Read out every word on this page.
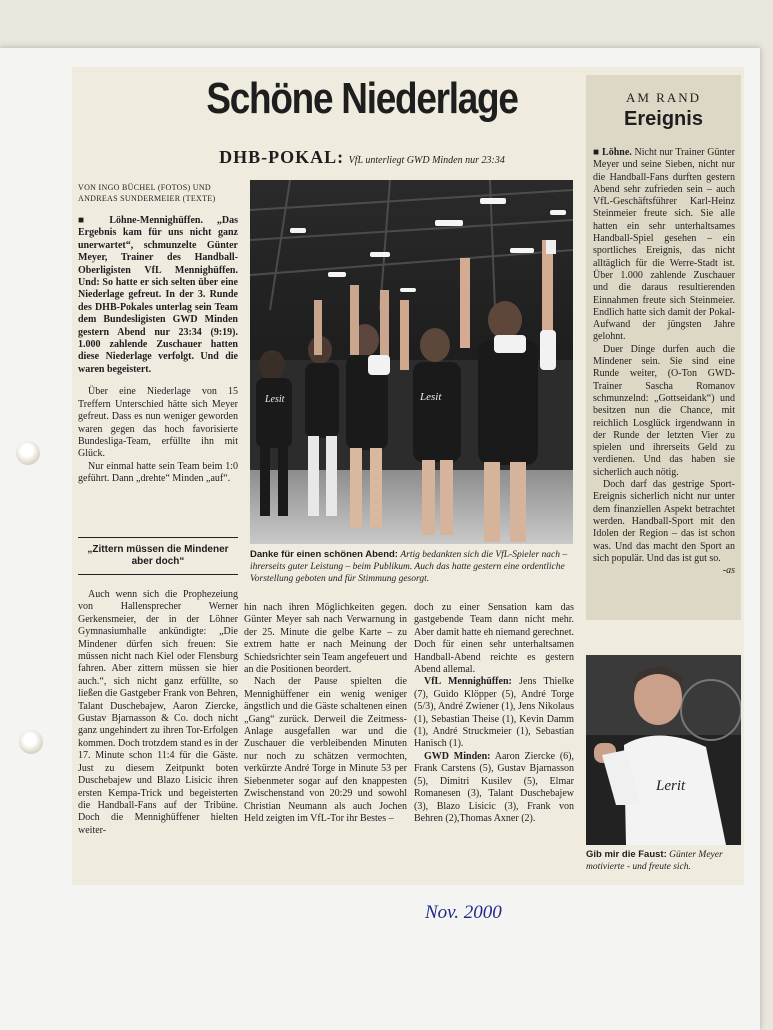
Schöne Niederlage
DHB-POKAL: VfL unterliegt GWD Minden nur 23:34
VON INGO BÜCHEL (FOTOS) UND
ANDREAS SUNDERMEIER (TEXTE)

■ Löhne-Mennighüffen. „Das Ergebnis kam für uns nicht ganz unerwartet“, schmunzelte Günter Meyer, Trainer des Handball-Oberligisten VfL Mennighüffen. Und: So hatte er sich selten über eine Niederlage gefreut. In der 3. Runde des DHB-Pokales unterlag sein Team dem Bundesligisten GWD Minden gestern Abend nur 23:34 (9:19). 1.000 zahlende Zuschauer hatten diese Niederlage verfolgt. Und die waren begeistert.

Über eine Niederlage von 15 Treffern Unterschied hätte sich Meyer gefreut. Dass es nun weniger geworden waren gegen das hoch favorisierte Bundesliga-Team, erfüllte ihn mit Glück.

Nur einmal hatte sein Team beim 1:0 geführt. Dann „drehte“ Minden „auf“.

„Zittern müssen die Mindener aber doch“
Lesit	Lesit
Danke für einen schönen Abend: Artig bedankten sich die VfL-Spieler nach – ihrerseits guter Leistung – beim Publikum. Auch das hatte gestern eine ordentliche Vorstellung geboten und für Stimmung gesorgt.

Auch wenn sich die Prophezeiung von Hallensprecher Werner Gerkensmeier, der in der Löhner Gymnasiumhalle ankündigte: „Die Mindener dürfen sich freuen: Sie müssen nicht nach Kiel oder Flensburg fahren. Aber zittern müssen sie hier auch.“, sich nicht ganz erfüllte, so ließen die Gastgeber Frank von Behren, Talant Duschebajew, Aaron Ziercke, Gustav Bjarnasson & Co. doch nicht ganz ungehindert zu ihren Tor-Erfolgen kommen. Doch trotzdem stand es in der 17. Minute schon 11:4 für die Gäste. Just zu diesem Zeitpunkt boten Duschebajew und Blazo Lisicic ihren ersten Kempa-Trick und begeisterten die Handball-Fans auf der Tribüne. Doch die Mennighüffener hielten weiter-

hin nach ihren Möglichkeiten gegen. Günter Meyer sah nach Verwarnung in der 25. Minute die gelbe Karte – zu extrem hatte er nach Meinung der Schiedsrichter sein Team angefeuert und an die Positionen beordert.

Nach der Pause spielten die Mennighüffener ein wenig weniger ängstlich und die Gäste schaltenen einen „Gang“ zurück. Derweil die Zeitmess-Anlage ausgefallen war und die Zuschauer die verbleibenden Minuten nur noch zu schätzen vermochten, verkürzte André Torge in Minute 53 per Siebenmeter sogar auf den knappesten Zwischenstand von 20:29 und sowohl Christian Neumann als auch Jochen Held zeigten im VfL-Tor ihr Bestes –

doch zu einer Sensation kam das gastgebende Team dann nicht mehr. Aber damit hatte eh niemand gerechnet. Doch für einen sehr unterhaltsamen Handball-Abend reichte es gestern Abend allemal.

VfL Mennighüffen: Jens Thielke (7), Guido Klöpper (5), André Torge (5/3), André Zwiener (1), Jens Nikolaus (1), Sebastian Theise (1), Kevin Damm (1), André Struckmeier (1), Sebastian Hanisch (1).

GWD Minden: Aaron Ziercke (6), Frank Carstens (5), Gustav Bjarnasson (5), Dimitri Kusilev (5), Elmar Romanesen (3), Talant Duschebajew (3), Blazo Lisicic (3), Frank von Behren (2),Thomas Axner (2).

AM RAND
Ereignis

■ Löhne. Nicht nur Trainer Günter Meyer und seine Sieben, nicht nur die Handball-Fans durften gestern Abend sehr zufrieden sein – auch VfL-Geschäftsführer Karl-Heinz Steinmeier freute sich. Sie alle hatten ein sehr unterhaltsames Handball-Spiel gesehen – ein sportliches Ereignis, das nicht alltäglich für die Werre-Stadt ist. Über 1.000 zahlende Zuschauer und die daraus resultierenden Einnahmen freute sich Steinmeier. Endlich hatte sich damit der Pokal-Aufwand der jüngsten Jahre gelohnt.

Duer Dinge durfen auch die Mindener sein. Sie sind eine Runde weiter, (O-Ton GWD-Trainer Sascha Romanov schmunzelnd: „Gottseidank“) und besitzen nun die Chance, mit reichlich Losglück irgendwann in der Runde der letzten Vier zu spielen und ihrerseits Geld zu verdienen. Und das haben sie sicherlich auch nötig.

Doch darf das gestrige Sport-Ereignis sicherlich nicht nur unter dem finanziellen Aspekt betrachtet werden. Handball-Sport mit den Idolen der Region – das ist schon was. Und das macht den Sport an sich populär. Und das ist gut so.

-as

Lerit
Gib mir die Faust: Günter Meyer motivierte - und freute sich.
Nov. 2000
